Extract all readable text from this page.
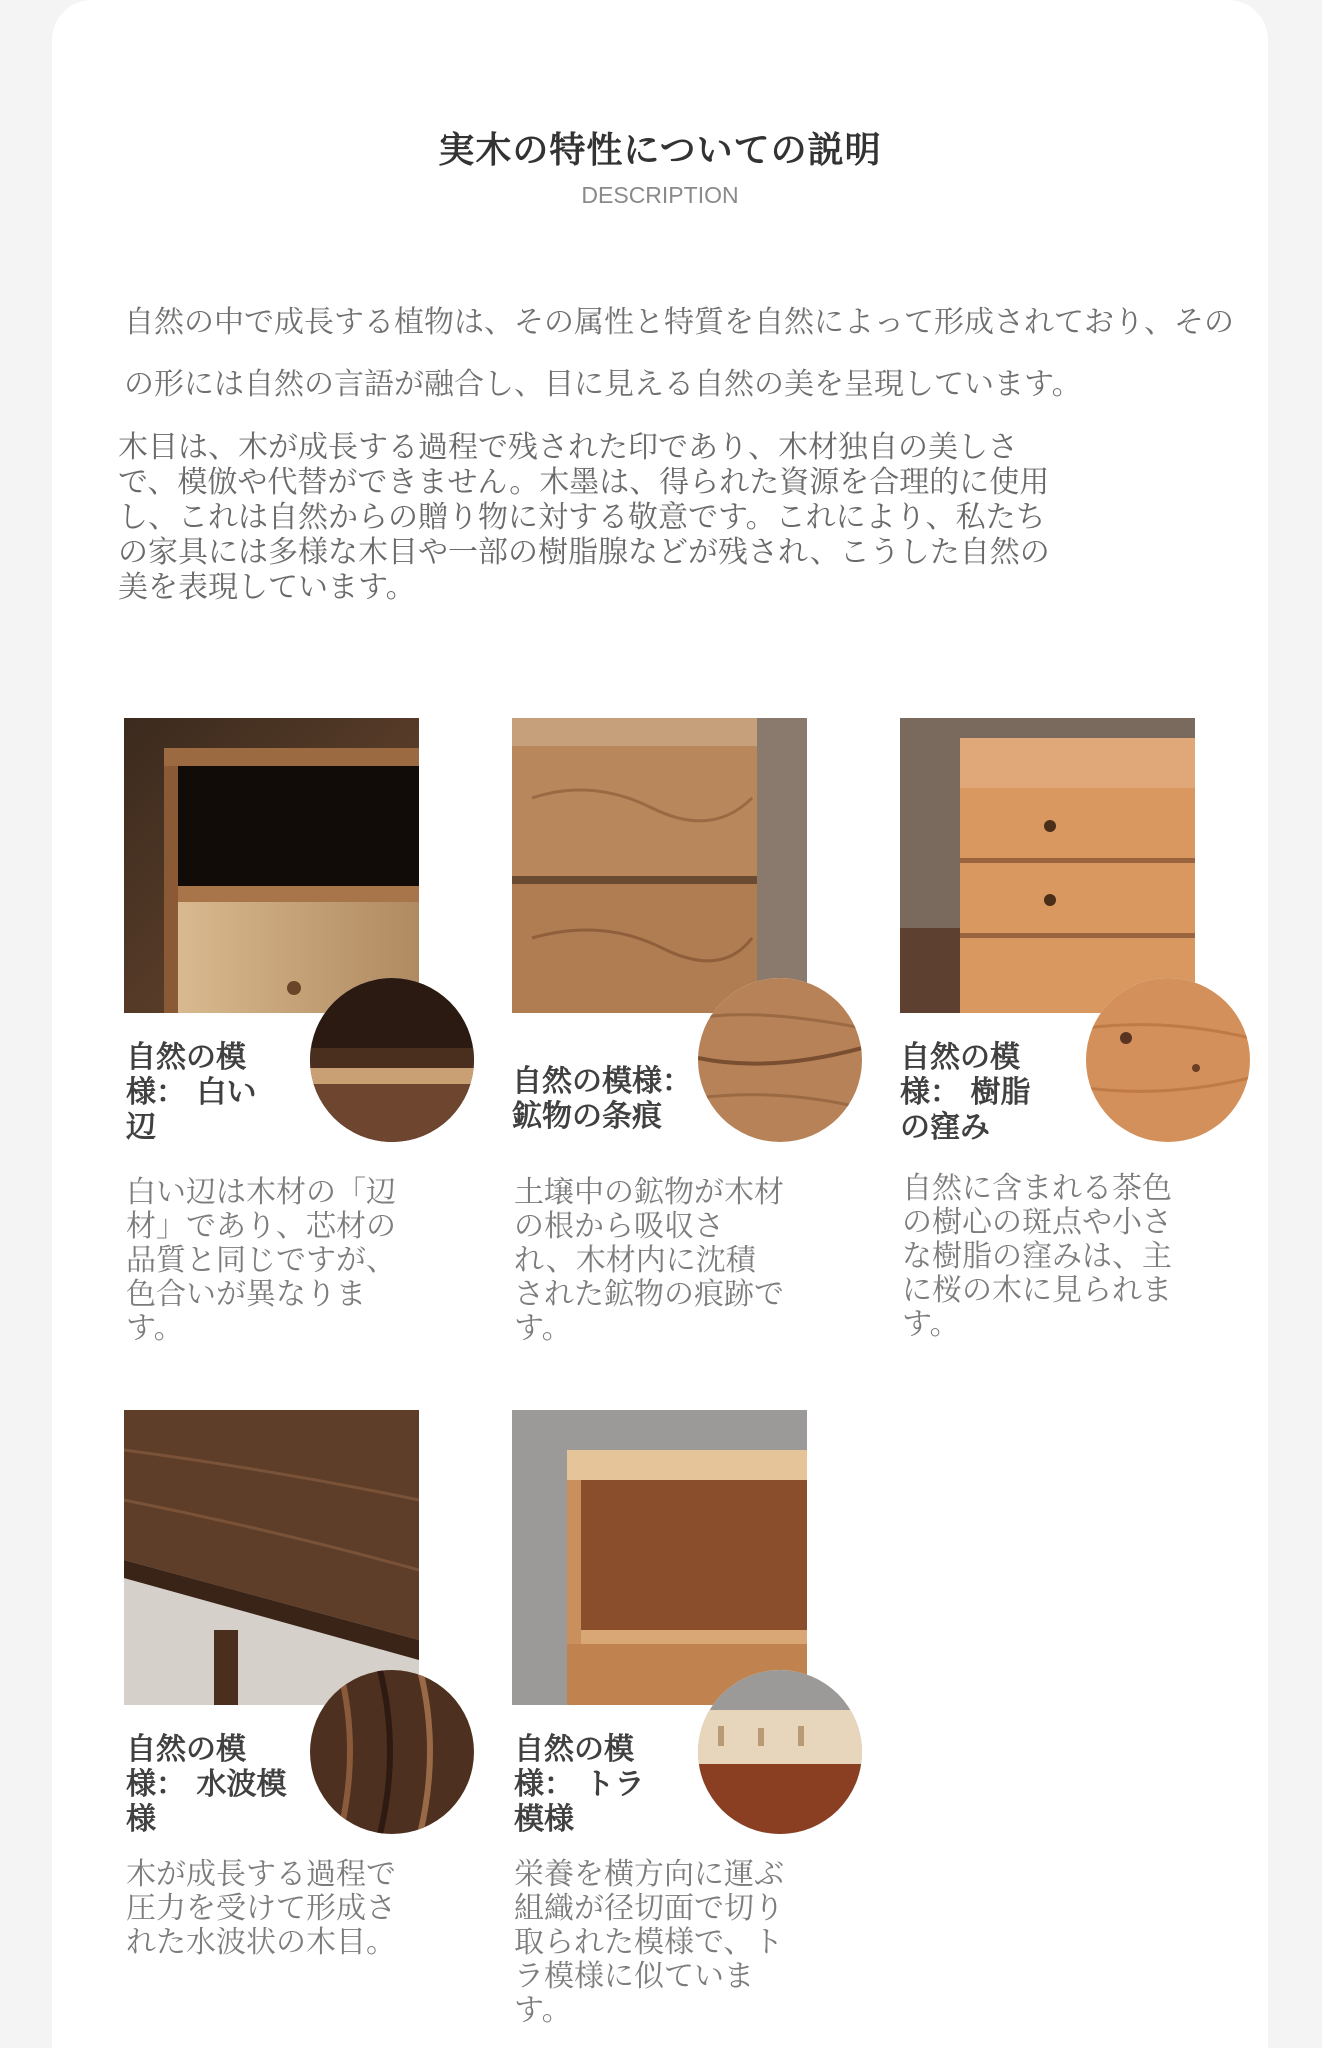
実木の特性についての説明
DESCRIPTION
自然の中で成長する植物は、その属性と特質を自然によって形成されており、その
の形には自然の言語が融合し、目に見える自然の美を呈現しています。
木目は、木が成長する過程で残された印であり、木材独自の美しさで、模倣や代替ができません。木墨は、得られた資源を合理的に使用し、これは自然からの贈り物に対する敬意です。これにより、私たちの家具には多様な木目や一部の樹脂腺などが残され、こうした自然の美を表現しています。
自然の模様： 白い辺
白い辺は木材の「辺材」であり、芯材の品質と同じですが、色合いが異なります。
自然の模様： 鉱物の条痕
土壌中の鉱物が木材の根から吸収され、木材内に沈積された鉱物の痕跡です。
自然の模様： 樹脂の窪み
自然に含まれる茶色の樹心の斑点や小さな樹脂の窪みは、主に桜の木に見られます。
自然の模様： 水波模様
木が成長する過程で圧力を受けて形成された水波状の木目。
自然の模様： トラ模様
栄養を横方向に運ぶ組織が径切面で切り取られた模様で、トラ模様に似ています。
